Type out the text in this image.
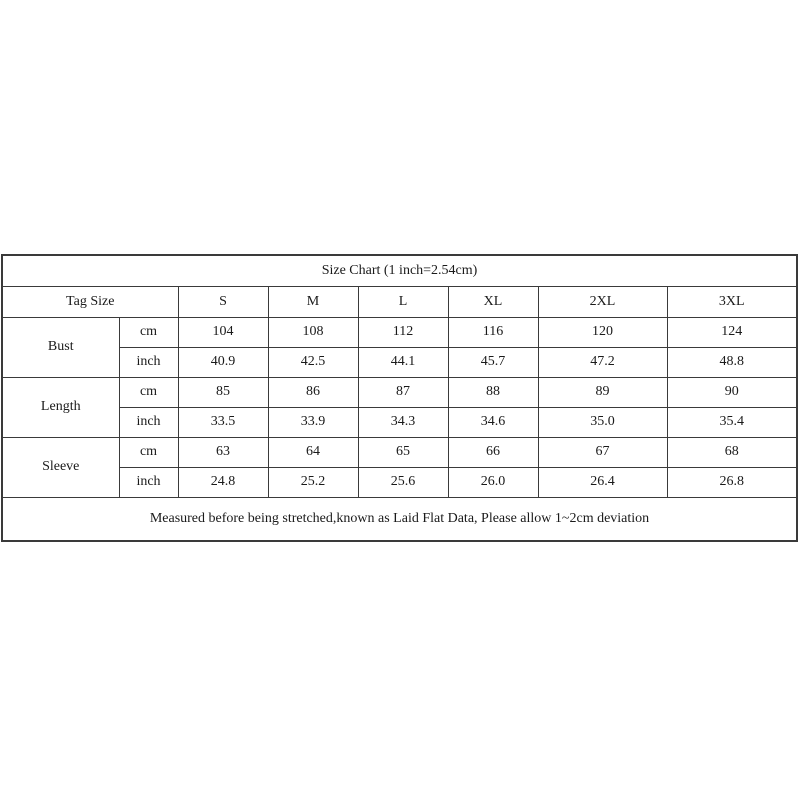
Size Chart (1 inch=2.54cm)							
Tag Size		S	M	L	XL	2XL	3XL
Bust	cm	104	108	112	116	120	124
	inch	40.9	42.5	44.1	45.7	47.2	48.8
Length	cm	85	86	87	88	89	90
	inch	33.5	33.9	34.3	34.6	35.0	35.4
Sleeve	cm	63	64	65	66	67	68
	inch	24.8	25.2	25.6	26.0	26.4	26.8
Measured before being stretched,known as Laid Flat Data, Please allow 1~2cm deviation							
